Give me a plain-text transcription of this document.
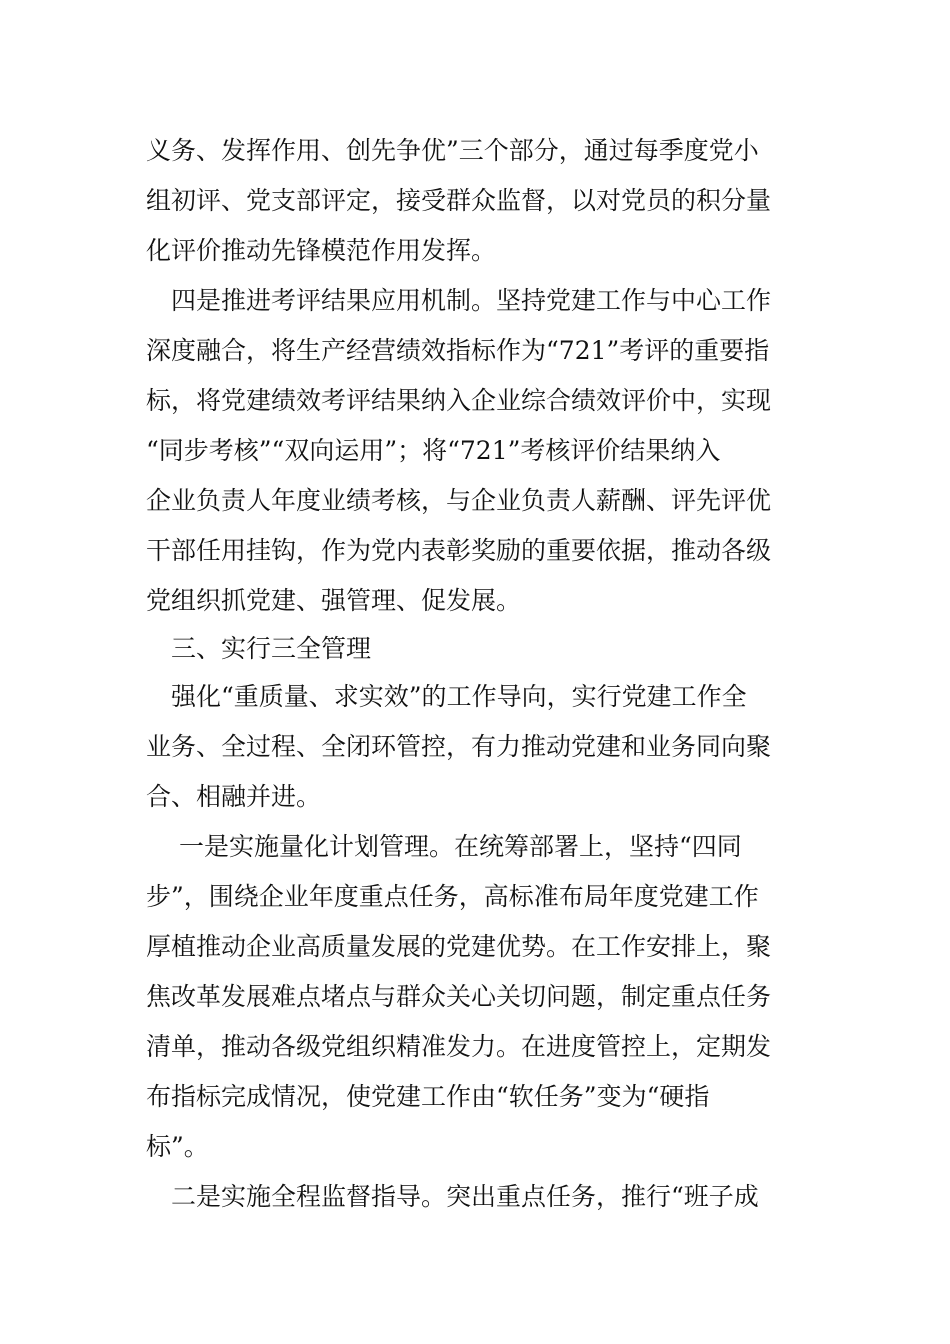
义务、发挥作用、创先争优”三个部分，通过每季度党小
组初评、党支部评定，接受群众监督，以对党员的积分量
化评价推动先锋模范作用发挥。
　四是推进考评结果应用机制。坚持党建工作与中心工作
深度融合，将生产经营绩效指标作为“721”考评的重要指
标，将党建绩效考评结果纳入企业综合绩效评价中，实现
“同步考核”“双向运用”；将“721”考核评价结果纳入
企业负责人年度业绩考核，与企业负责人薪酬、评先评优
干部任用挂钩，作为党内表彰奖励的重要依据，推动各级
党组织抓党建、强管理、促发展。
　三、实行三全管理
　强化“重质量、求实效”的工作导向，实行党建工作全
业务、全过程、全闭环管控，有力推动党建和业务同向聚
合、相融并进。
　 一是实施量化计划管理。在统筹部署上，坚持“四同
步”，围绕企业年度重点任务，高标准布局年度党建工作
厚植推动企业高质量发展的党建优势。在工作安排上，聚
焦改革发展难点堵点与群众关心关切问题，制定重点任务
清单，推动各级党组织精准发力。在进度管控上，定期发
布指标完成情况，使党建工作由“软任务”变为“硬指
标”。
　二是实施全程监督指导。突出重点任务，推行“班子成
